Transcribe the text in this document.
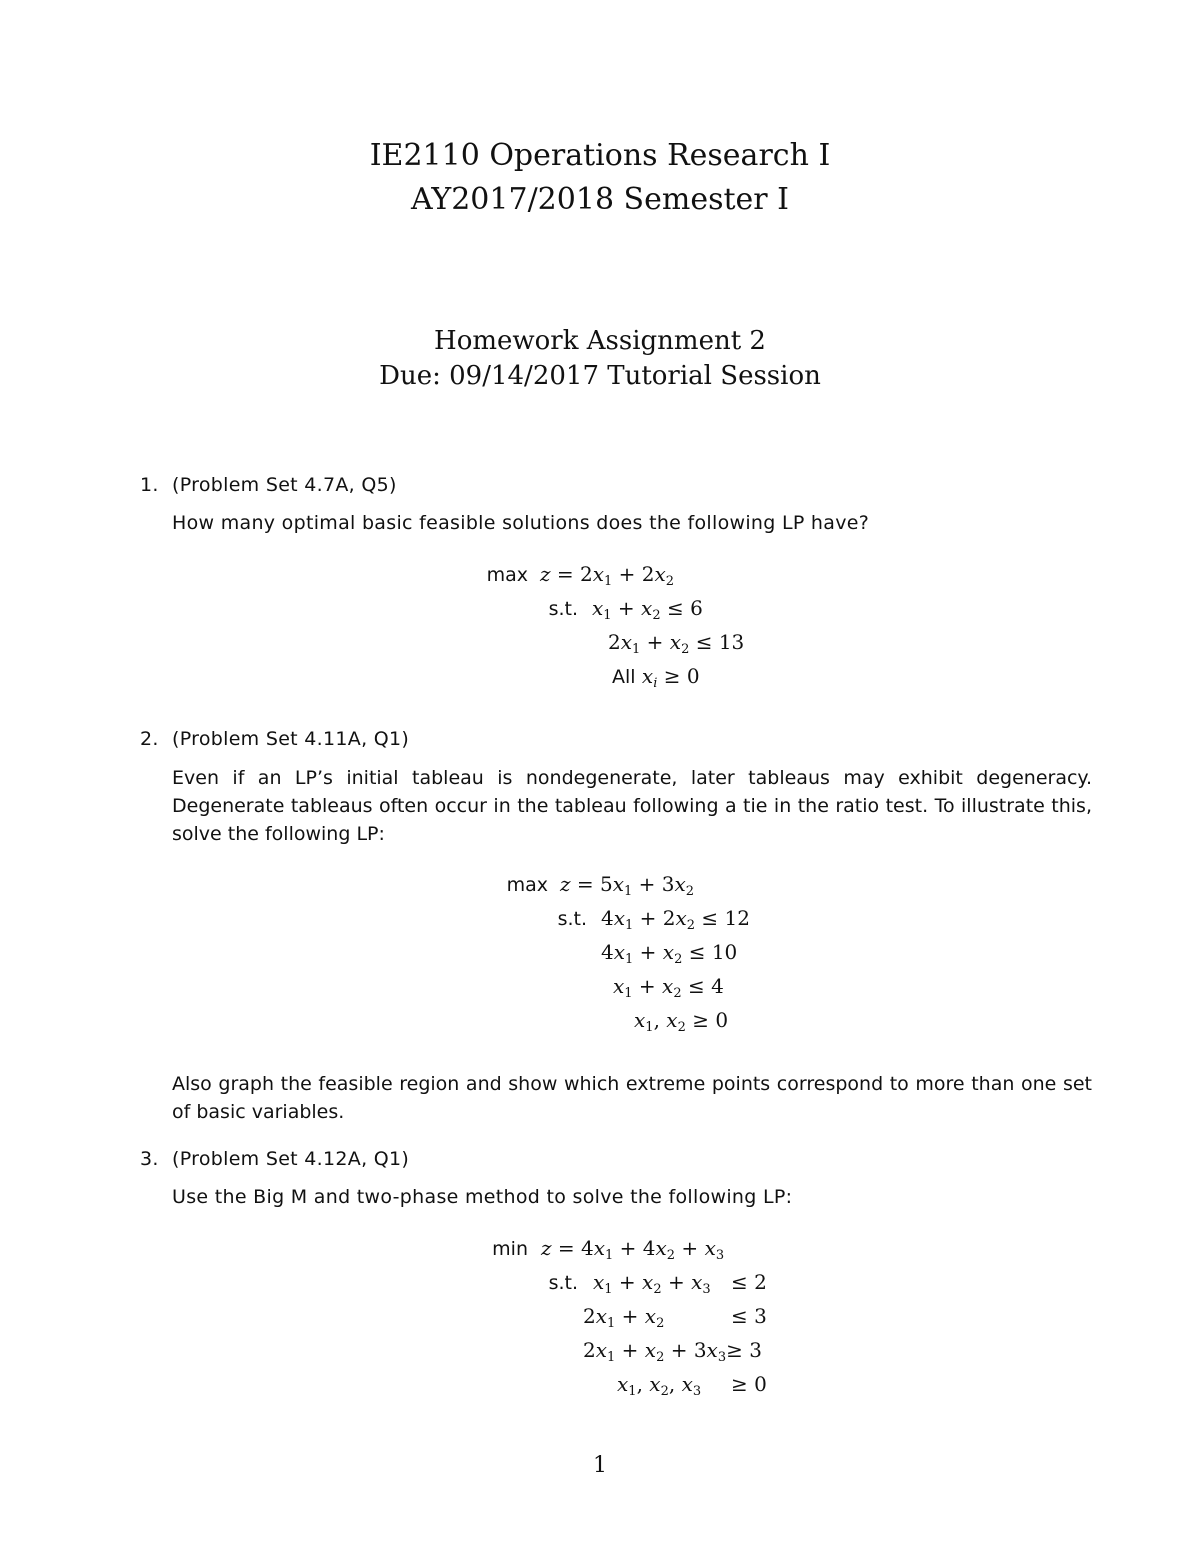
IE2110 Operations Research I
AY2017/2018 Semester I
Homework Assignment 2
Due: 09/14/2017 Tutorial Session
1. (Problem Set 4.7A, Q5)
How many optimal basic feasible solutions does the following LP have?
$\max z = 2x_1 + 2x_2$
s.t. $x_1 + x_2 \le 6$
$2x_1 + x_2 \le 13$
All $x_i \ge 0$
2. (Problem Set 4.11A, Q1)
Even if an LP’s initial tableau is nondegenerate, later tableaus may exhibit degeneracy. Degenerate tableaus often occur in the tableau following a tie in the ratio test. To illustrate this, solve the following LP:
$\max z = 5x_1 + 3x_2$
s.t. $4x_1 + 2x_2 \le 12$
$4x_1 + x_2 \le 10$
$x_1 + x_2 \le 4$
$x_1$, $x_2 \ge 0$
Also graph the feasible region and show which extreme points correspond to more than one set of basic variables.
3. (Problem Set 4.12A, Q1)
Use the Big M and two-phase method to solve the following LP:
$\min z = 4x_1 + 4x_2 + x_3$
s.t. $x_1 + x_2 + x_3 \le 2$
$2x_1 + x_2$	≤ 3
$2x_1 + x_2 + 3x_3\ge 3$
$x_1$, $x_2$, $x_3 \ge 0$
1
